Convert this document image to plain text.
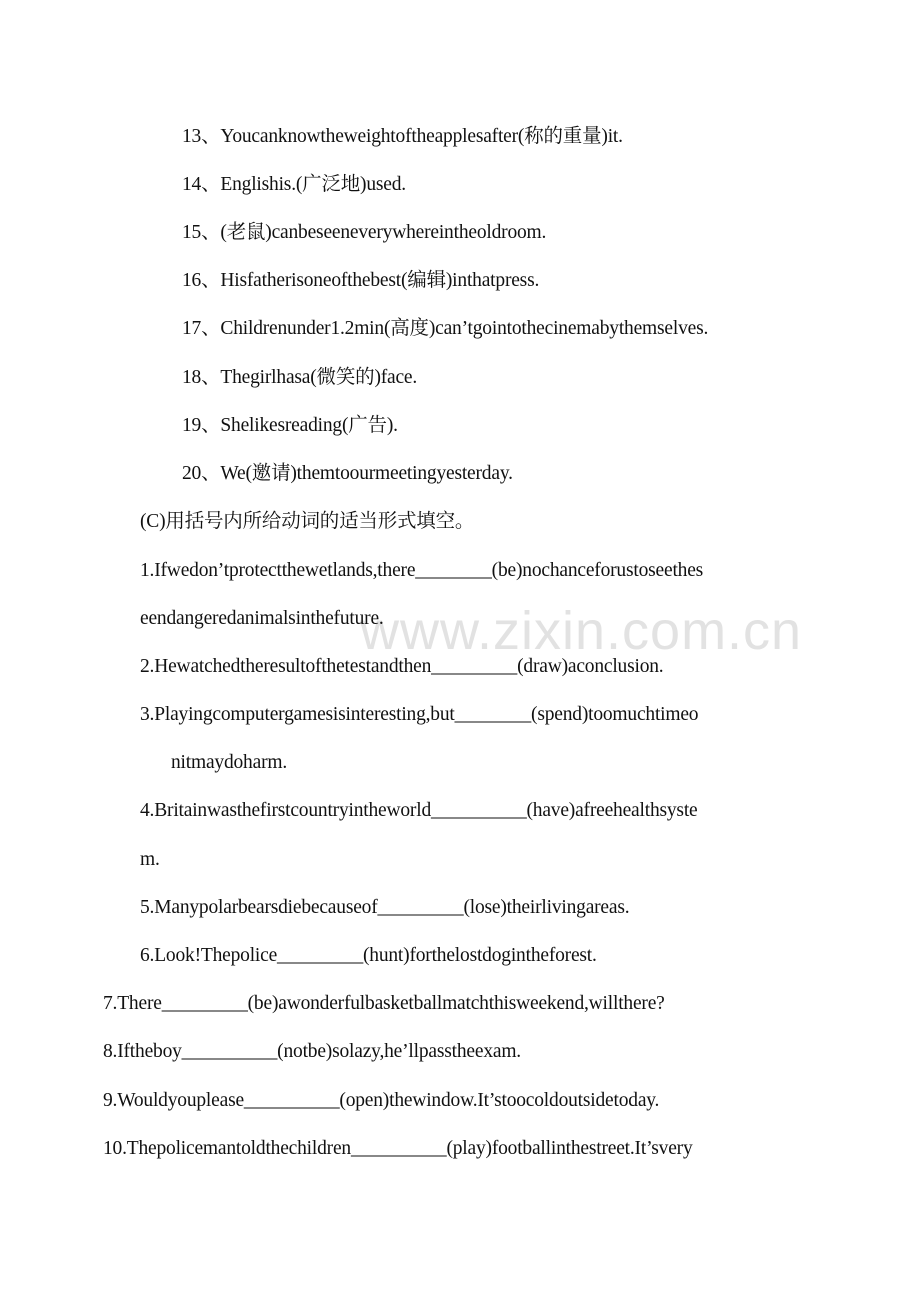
www.zixin.com.cn
13、Youcanknowtheweightoftheapplesafter(称的重量)it.
14、Englishis.(广泛地)used.
15、(老鼠)canbeseeneverywhereintheoldroom.
16、Hisfatherisoneofthebest(编辑)inthatpress.
17、Childrenunder1.2min(高度)can’tgointothecinemabythemselves.
18、Thegirlhasa(微笑的)face.
19、Shelikesreading(广告).
20、We(邀请)themtoourmeetingyesterday.
(C)用括号内所给动词的适当形式填空。
1.Ifwedon’tprotectthewetlands,there________(be)nochanceforustoseethes
eendangeredanimalsinthefuture.
2.Hewatchedtheresultofthetestandthen_________(draw)aconclusion.
3.Playingcomputergamesisinteresting,but________(spend)toomuchtimeo
nitmaydoharm.
4.Britainwasthefirstcountryintheworld__________(have)afreehealthsyste
m.
5.Manypolarbearsdiebecauseof_________(lose)theirlivingareas.
6.Look!Thepolice_________(hunt)forthelostdogintheforest.
7.There_________(be)awonderfulbasketballmatchthisweekend,willthere?
8.Iftheboy__________(notbe)solazy,he’llpasstheexam.
9.Wouldyouplease__________(open)thewindow.It’stoocoldoutsidetoday.
10.Thepolicemantoldthechildren__________(play)footballinthestreet.It’svery
